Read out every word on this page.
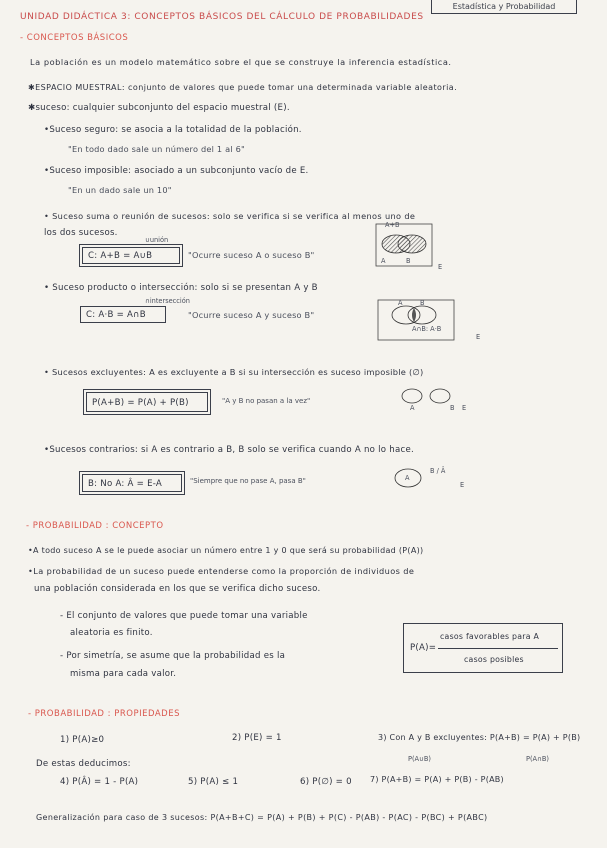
Estadística y Probabilidad
UNIDAD DIDÁCTICA 3: CONCEPTOS BÁSICOS DEL CÁLCULO DE PROBABILIDADES
- CONCEPTOS BÁSICOS
La población es un modelo matemático sobre el que se construye la inferencia estadística.
✱ESPACIO MUESTRAL: conjunto de valores que puede tomar una determinada variable aleatoria.
✱suceso: cualquier subconjunto del espacio muestral (E).
•Suceso seguro: se asocia a la totalidad de la población.
"En todo dado sale un número del 1 al 6"
•Suceso imposible: asociado a un subconjunto vacío de E.
"En un dado sale un 10"
• Suceso suma o reunión de sucesos: solo se verifica si se verifica al menos uno de
los dos sucesos.
∪unión
C: A+B = A∪B	"Ocurre suceso A o suceso B"
A+B
A	B
E
• Suceso producto o intersección: solo si se presentan A y B
∩intersección
C: A·B = A∩B	"Ocurre suceso A y suceso B"
A	B
A∩B: A·B
E
• Sucesos excluyentes: A es excluyente a B si su intersección es suceso imposible (∅)
P(A+B) = P(A) + P(B)	"A y B no pasan a la vez"
A	B E
•Sucesos contrarios: si A es contrario a B, B solo se verifica cuando A no lo hace.
B: No A: Â = E-A	"Siempre que no pase A, pasa B"	A
B / Â
E
- PROBABILIDAD : CONCEPTO
•A todo suceso A se le puede asociar un número entre 1 y 0 que será su probabilidad (P(A))
•La probabilidad de un suceso puede entenderse como la proporción de individuos de
una población considerada en los que se verifica dicho suceso.
- El conjunto de valores que puede tomar una variable
aleatoria es finito.
- Por simetría, se asume que la probabilidad es la
misma para cada valor.
P(A)=
casos favorables para A
casos posibles
- PROBABILIDAD : PROPIEDADES
1) P(A)≥0	2) P(E) = 1	3) Con A y B excluyentes: P(A+B) = P(A) + P(B)
De estas deducimos:
4) P(Â) = 1 - P(A)	5) P(A) ≤ 1	6) P(∅) = 0
P(A∪B)	P(A∩B)
7) P(A+B) = P(A) + P(B) - P(AB)
Generalización para caso de 3 sucesos: P(A+B+C) = P(A) + P(B) + P(C) - P(AB) - P(AC) - P(BC) + P(ABC)
